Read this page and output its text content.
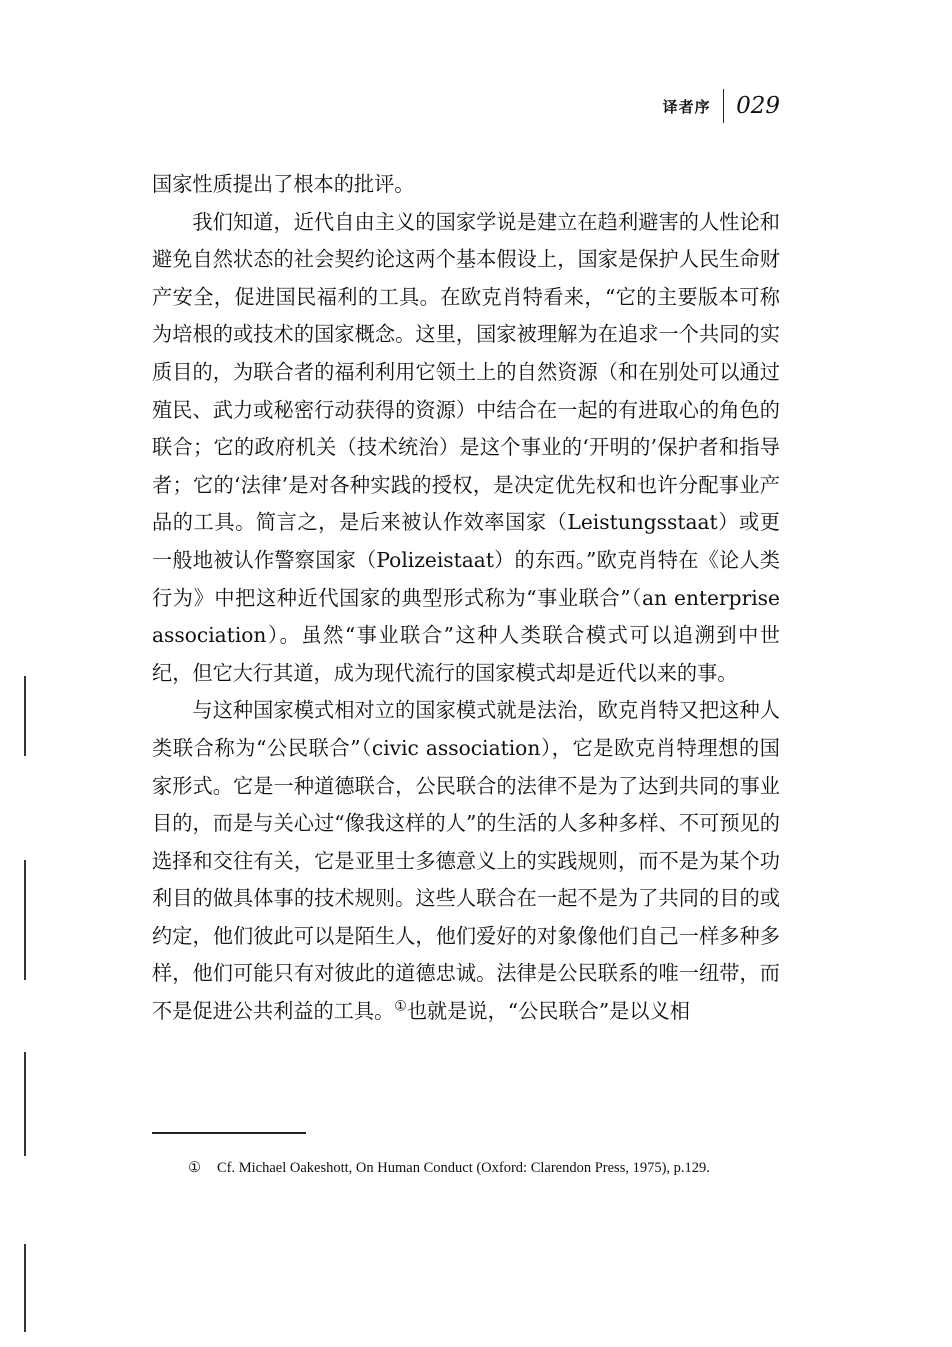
译者序 029

国家性质提出了根本的批评。

我们知道，近代自由主义的国家学说是建立在趋利避害的人性论和避免自然状态的社会契约论这两个基本假设上，国家是保护人民生命财产安全，促进国民福利的工具。在欧克肖特看来，“它的主要版本可称为培根的或技术的国家概念。这里，国家被理解为在追求一个共同的实质目的，为联合者的福利利用它领土上的自然资源（和在别处可以通过殖民、武力或秘密行动获得的资源）中结合在一起的有进取心的角色的联合；它的政府机关（技术统治）是这个事业的‘开明的’保护者和指导者；它的‘法律’是对各种实践的授权，是决定优先权和也许分配事业产品的工具。简言之，是后来被认作效率国家（Leistungsstaat）或更一般地被认作警察国家（Polizeistaat）的东西。”欧克肖特在《论人类行为》中把这种近代国家的典型形式称为“事业联合”（an enterprise association）。虽然“事业联合”这种人类联合模式可以追溯到中世纪，但它大行其道，成为现代流行的国家模式却是近代以来的事。

与这种国家模式相对立的国家模式就是法治，欧克肖特又把这种人类联合称为“公民联合”（civic association），它是欧克肖特理想的国家形式。它是一种道德联合，公民联合的法律不是为了达到共同的事业目的，而是与关心过“像我这样的人”的生活的人多种多样、不可预见的选择和交往有关，它是亚里士多德意义上的实践规则，而不是为某个功利目的做具体事的技术规则。这些人联合在一起不是为了共同的目的或约定，他们彼此可以是陌生人，他们爱好的对象像他们自己一样多种多样，他们可能只有对彼此的道德忠诚。法律是公民联系的唯一纽带，而不是促进公共利益的工具。①也就是说，“公民联合”是以义相

① Cf. Michael Oakeshott, On Human Conduct (Oxford: Clarendon Press, 1975), p.129.
